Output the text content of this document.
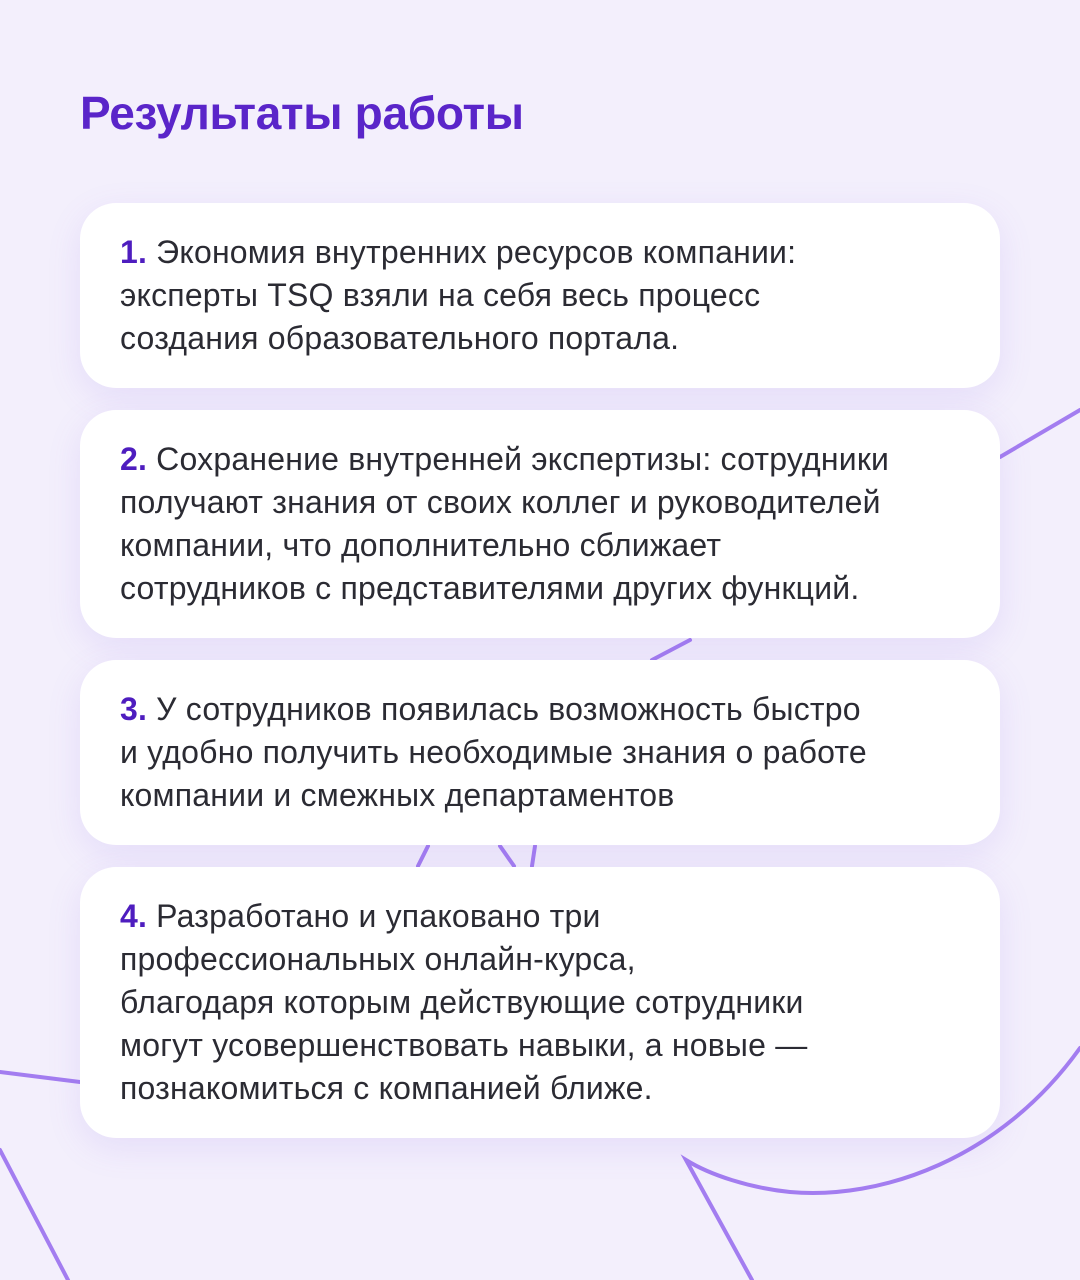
Результаты работы

1. Экономия внутренних ресурсов компании:
эксперты TSQ взяли на себя весь процесс
создания образовательного портала.

2. Сохранение внутренней экспертизы: сотрудники
получают знания от своих коллег и руководителей
компании, что дополнительно сближает
сотрудников с представителями других функций.

3. У сотрудников появилась возможность быстро
и удобно получить необходимые знания о работе
компании и смежных департаментов

4. Разработано и упаковано три
профессиональных онлайн-курса,
благодаря которым действующие сотрудники
могут усовершенствовать навыки, а новые —
познакомиться с компанией ближе.
